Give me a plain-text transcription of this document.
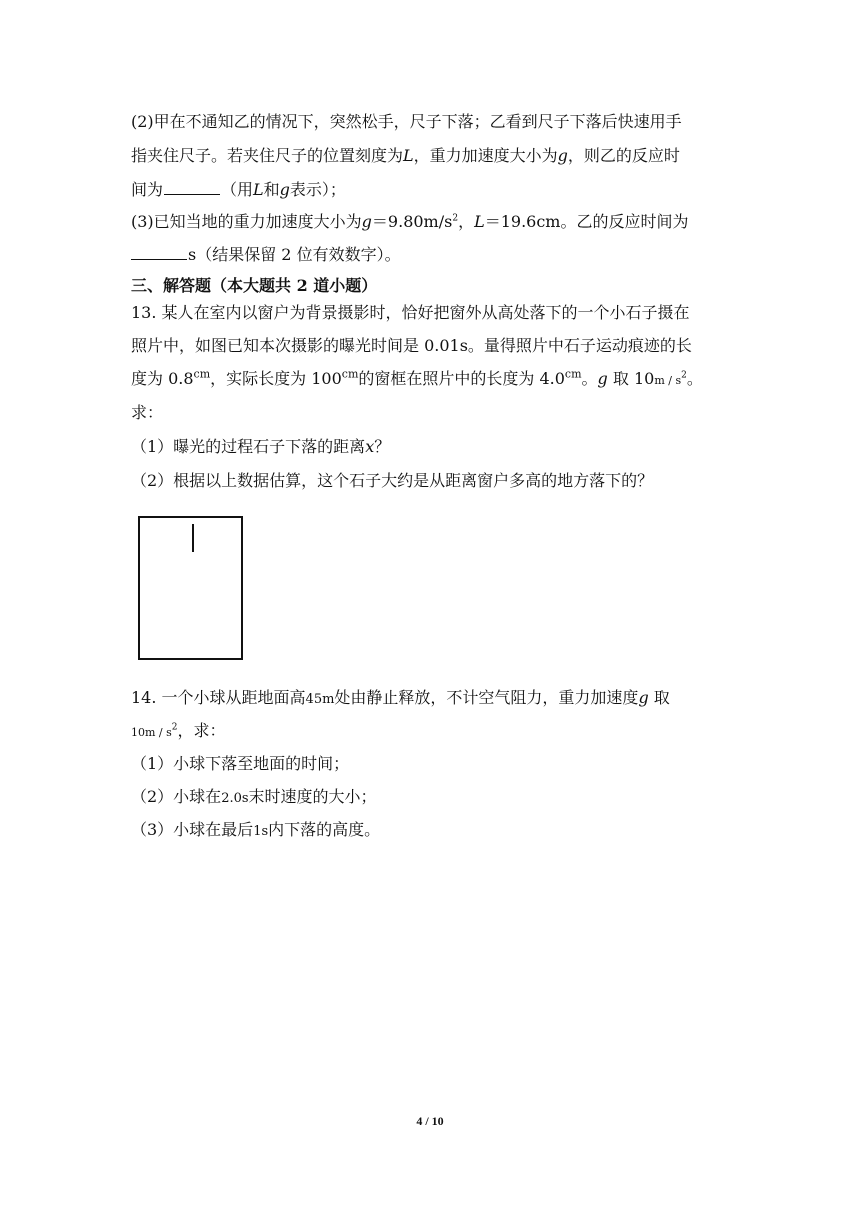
(2)甲在不通知乙的情况下，突然松手，尺子下落；乙看到尺子下落后快速用手
指夹住尺子。若夹住尺子的位置刻度为L，重力加速度大小为g，则乙的反应时
间为	（用L和g表示）；
(3)已知当地的重力加速度大小为$g=9.80m/s^2$，L＝19.6cm。乙的反应时间为
s（结果保留 2 位有效数字）。
三、解答题（本大题共 2 道小题）
13. 某人在室内以窗户为背景摄影时，恰好把窗外从高处落下的一个小石子摄在
照片中，如图已知本次摄影的曝光时间是 0.01s。量得照片中石子运动痕迹的长
度为 $0.8^{cm}$，实际长度为 $100^{cm}$的窗框在照片中的长度为 $4.0^{cm}$。g 取 $10m / s^2$。
求：
（1）曝光的过程石子下落的距离x？
（2）根据以上数据估算，这个石子大约是从距离窗户多高的地方落下的？
14. 一个小球从距地面高45m处由静止释放，不计空气阻力，重力加速度g 取
$10m / s^2$，求：
（1）小球下落至地面的时间；
（2）小球在2.0s末时速度的大小；
（3）小球在最后1s内下落的高度。
4 / 10
